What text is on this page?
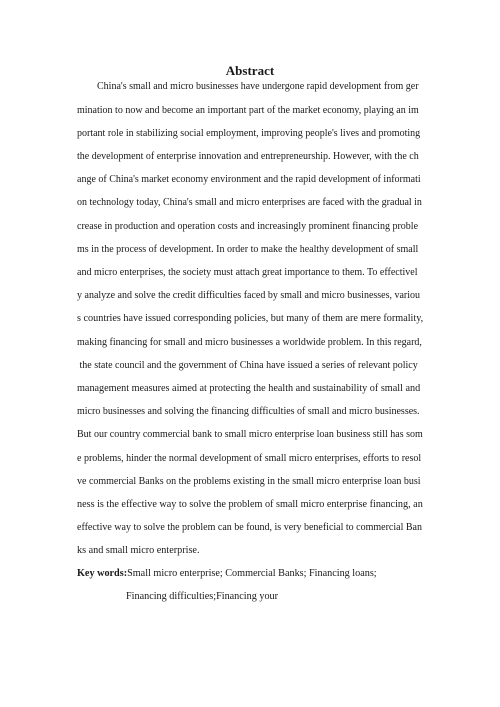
Abstract
China's small and micro businesses have undergone rapid development from ger
mination to now and become an important part of the market economy, playing an im
portant role in stabilizing social employment, improving people's lives and promoting
the development of enterprise innovation and entrepreneurship. However, with the ch
ange of China's market economy environment and the rapid development of informati
on technology today, China's small and micro enterprises are faced with the gradual in
crease in production and operation costs and increasingly prominent financing proble
ms in the process of development. In order to make the healthy development of small
and micro enterprises, the society must attach great importance to them. To effectivel
y analyze and solve the credit difficulties faced by small and micro businesses, variou
s countries have issued corresponding policies, but many of them are mere formality,
making financing for small and micro businesses a worldwide problem. In this regard,
the state council and the government of China have issued a series of relevant policy
management measures aimed at protecting the health and sustainability of small and
micro businesses and solving the financing difficulties of small and micro businesses.
But our country commercial bank to small micro enterprise loan business still has som
e problems, hinder the normal development of small micro enterprises, efforts to resol
ve commercial Banks on the problems existing in the small micro enterprise loan busi
ness is the effective way to solve the problem of small micro enterprise financing, an
effective way to solve the problem can be found, is very beneficial to commercial Ban
ks and small micro enterprise.
Key words:Small micro enterprise; Commercial Banks; Financing loans;
Financing difficulties;Financing your
